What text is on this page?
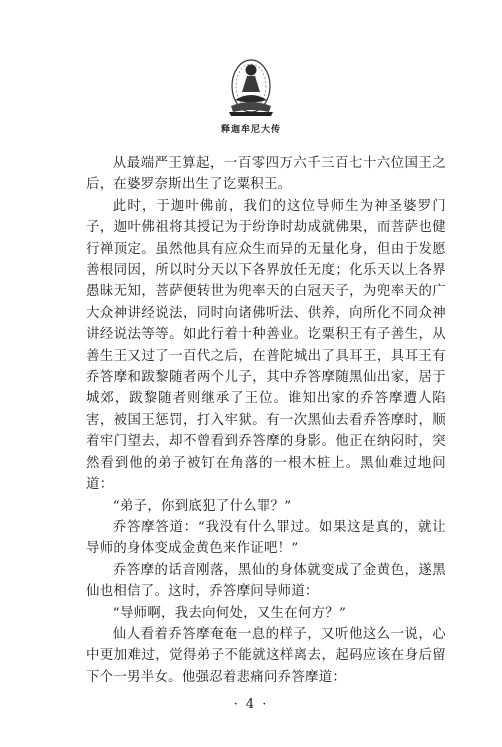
释迦牟尼大传

从最端严王算起，一百零四万六千三百七十六位国王之后，在婆罗奈斯出生了讫粟积王。

此时，于迦叶佛前，我们的这位导师生为神圣婆罗门子，迦叶佛祖将其授记为于纷诤时劫成就佛果，而菩萨也健行禅顶定。虽然他具有应众生而异的无量化身，但由于发愿善根同因，所以时分天以下各界放任无度；化乐天以上各界愚昧无知，菩萨便转世为兜率天的白冠天子，为兜率天的广大众神讲经说法，同时向诸佛听法、供养，向所化不同众神讲经说法等等。如此行着十种善业。讫粟积王有子善生，从善生王又过了一百代之后，在普陀城出了具耳王，具耳王有乔答摩和跋黎随者两个儿子，其中乔答摩随黑仙出家，居于城郊，跋黎随者则继承了王位。谁知出家的乔答摩遭人陷害，被国王惩罚，打入牢狱。有一次黑仙去看乔答摩时，顺着牢门望去，却不曾看到乔答摩的身影。他正在纳闷时，突然看到他的弟子被钉在角落的一根木桩上。黑仙难过地问道：

“弟子，你到底犯了什么罪？”

乔答摩答道：“我没有什么罪过。如果这是真的，就让导师的身体变成金黄色来作证吧！”

乔答摩的话音刚落，黑仙的身体就变成了金黄色，遂黑仙也相信了。这时，乔答摩问导师道：

“导师啊，我去向何处，又生在何方？”

仙人看着乔答摩奄奄一息的样子，又听他这么一说，心中更加难过，觉得弟子不能就这样离去，起码应该在身后留下个一男半女。他强忍着悲痛问乔答摩道：

· 4 ·
